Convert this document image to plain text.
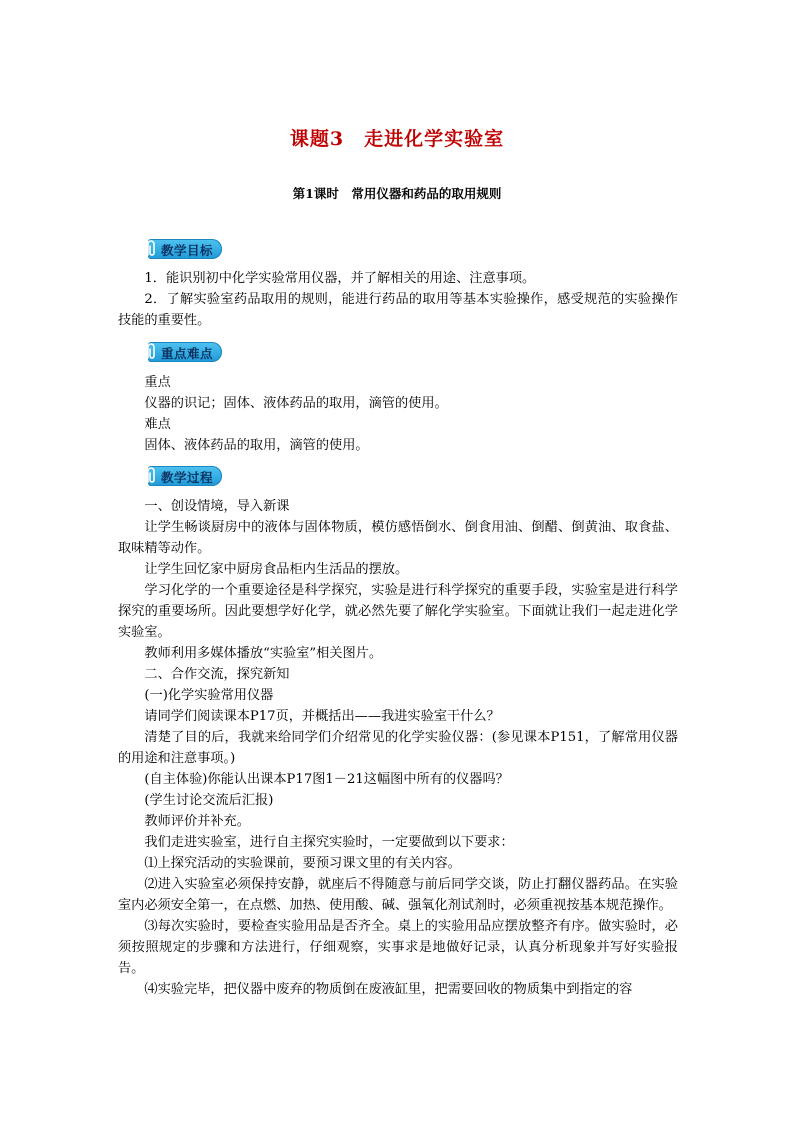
课题3　走进化学实验室
第1课时　常用仪器和药品的取用规则
教学目标

1．能识别初中化学实验常用仪器，并了解相关的用途、注意事项。

2．了解实验室药品取用的规则，能进行药品的取用等基本实验操作，感受规范的实验操作技能的重要性。

重点难点

重点

仪器的识记；固体、液体药品的取用，滴管的使用。

难点

固体、液体药品的取用，滴管的使用。

教学过程

一、创设情境，导入新课

让学生畅谈厨房中的液体与固体物质，模仿感悟倒水、倒食用油、倒醋、倒黄油、取食盐、取味精等动作。

让学生回忆家中厨房食品柜内生活品的摆放。

学习化学的一个重要途径是科学探究，实验是进行科学探究的重要手段，实验室是进行科学探究的重要场所。因此要想学好化学，就必然先要了解化学实验室。下面就让我们一起走进化学实验室。

教师利用多媒体播放“实验室”相关图片。

二、合作交流，探究新知

(一)化学实验常用仪器

请同学们阅读课本P17页，并概括出——我进实验室干什么？

清楚了目的后，我就来给同学们介绍常见的化学实验仪器：(参见课本P151，了解常用仪器的用途和注意事项。)

(自主体验)你能认出课本P17图1－21这幅图中所有的仪器吗？

(学生讨论交流后汇报)

教师评价并补充。

我们走进实验室，进行自主探究实验时，一定要做到以下要求：

⑴上探究活动的实验课前，要预习课文里的有关内容。

⑵进入实验室必须保持安静，就座后不得随意与前后同学交谈，防止打翻仪器药品。在实验室内必须安全第一，在点燃、加热、使用酸、碱、强氧化剂试剂时，必须重视按基本规范操作。

⑶每次实验时，要检查实验用品是否齐全。桌上的实验用品应摆放整齐有序。做实验时，必须按照规定的步骤和方法进行，仔细观察，实事求是地做好记录，认真分析现象并写好实验报告。

⑷实验完毕，把仪器中废弃的物质倒在废液缸里，把需要回收的物质集中到指定的容
